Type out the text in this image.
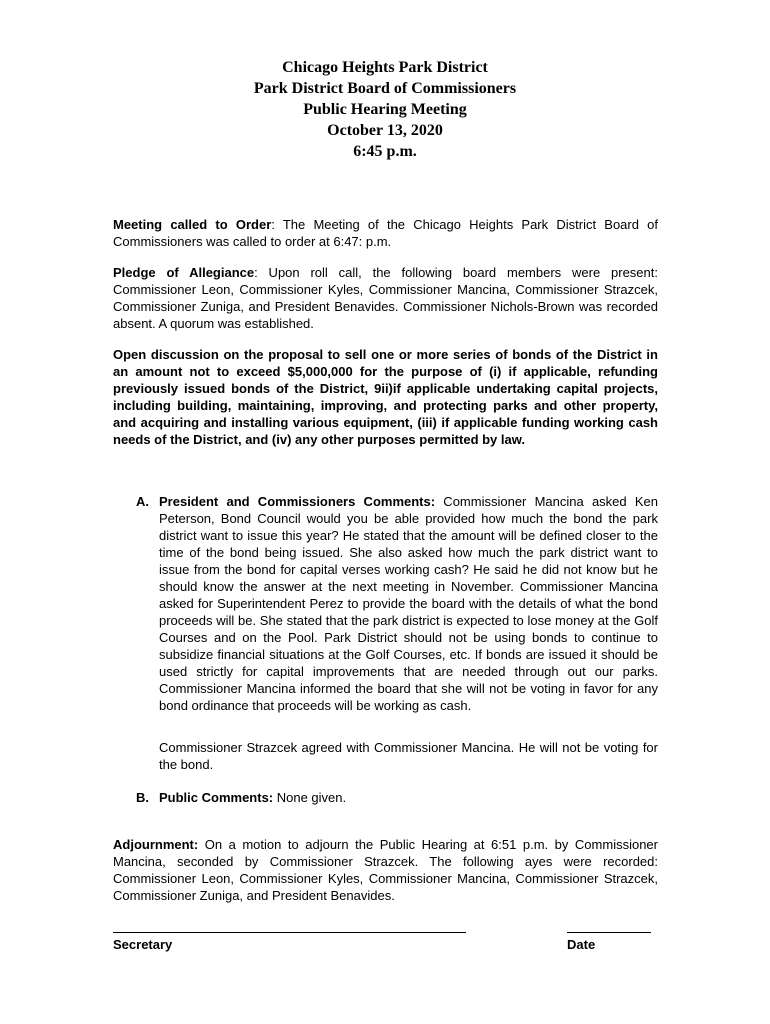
Chicago Heights Park District
Park District Board of Commissioners
Public Hearing Meeting
October 13, 2020
6:45 p.m.
Meeting called to Order: The Meeting of the Chicago Heights Park District Board of Commissioners was called to order at 6:47: p.m.
Pledge of Allegiance: Upon roll call, the following board members were present: Commissioner Leon, Commissioner Kyles, Commissioner Mancina, Commissioner Strazcek, Commissioner Zuniga, and President Benavides. Commissioner Nichols-Brown was recorded absent. A quorum was established.
Open discussion on the proposal to sell one or more series of bonds of the District in an amount not to exceed $5,000,000 for the purpose of (i) if applicable, refunding previously issued bonds of the District, 9ii)if applicable undertaking capital projects, including building, maintaining, improving, and protecting parks and other property, and acquiring and installing various equipment, (iii) if applicable funding working cash needs of the District, and (iv) any other purposes permitted by law.
A. President and Commissioners Comments: Commissioner Mancina asked Ken Peterson, Bond Council would you be able provided how much the bond the park district want to issue this year? He stated that the amount will be defined closer to the time of the bond being issued. She also asked how much the park district want to issue from the bond for capital verses working cash? He said he did not know but he should know the answer at the next meeting in November. Commissioner Mancina asked for Superintendent Perez to provide the board with the details of what the bond proceeds will be. She stated that the park district is expected to lose money at the Golf Courses and on the Pool. Park District should not be using bonds to continue to subsidize financial situations at the Golf Courses, etc. If bonds are issued it should be used strictly for capital improvements that are needed through out our parks. Commissioner Mancina informed the board that she will not be voting in favor for any bond ordinance that proceeds will be working as cash.
Commissioner Strazcek agreed with Commissioner Mancina. He will not be voting for the bond.
B. Public Comments: None given.
Adjournment: On a motion to adjourn the Public Hearing at 6:51 p.m. by Commissioner Mancina, seconded by Commissioner Strazcek. The following ayes were recorded: Commissioner Leon, Commissioner Kyles, Commissioner Mancina, Commissioner Strazcek, Commissioner Zuniga, and President Benavides.
Secretary	Date
